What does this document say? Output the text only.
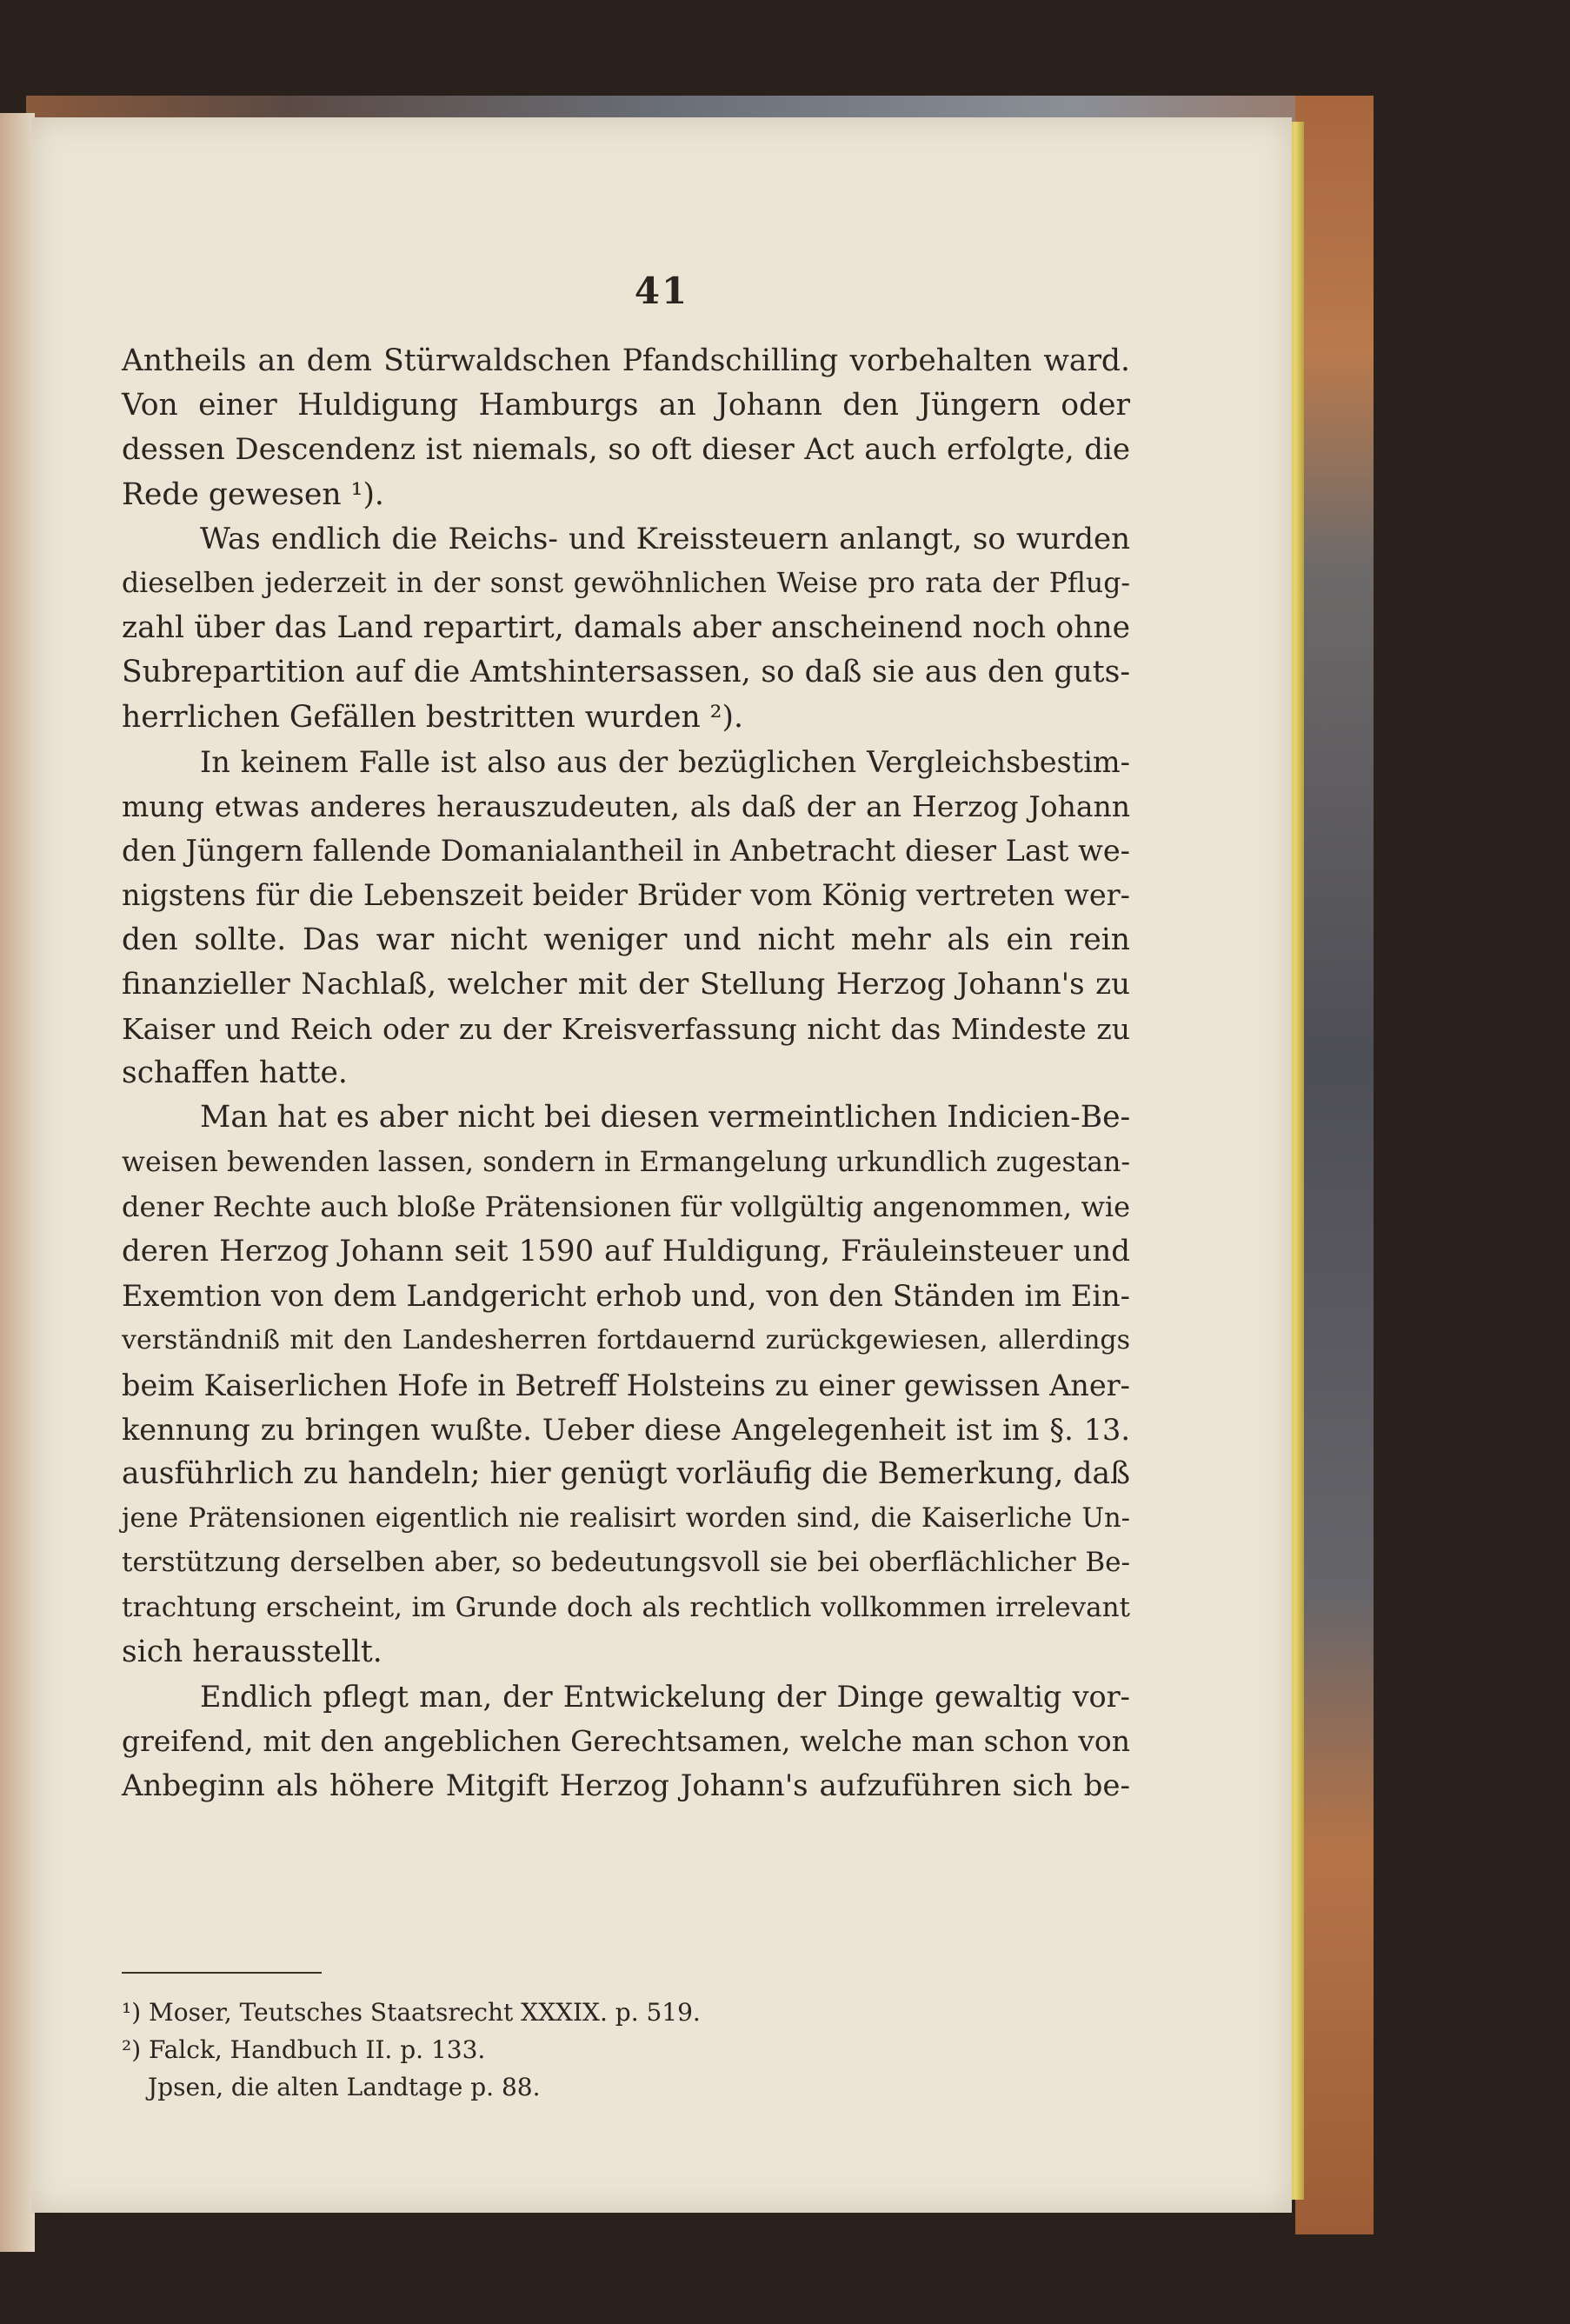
41
Antheils an dem Stürwaldschen Pfandschilling vorbehalten ward.
Von einer Huldigung Hamburgs an Johann den Jüngern oder
dessen Descendenz ist niemals, so oft dieser Act auch erfolgte, die
Rede gewesen ¹).
Was endlich die Reichs- und Kreissteuern anlangt, so wurden
dieselben jederzeit in der sonst gewöhnlichen Weise pro rata der Pflug-
zahl über das Land repartirt, damals aber anscheinend noch ohne
Subrepartition auf die Amtshintersassen, so daß sie aus den guts-
herrlichen Gefällen bestritten wurden ²).
In keinem Falle ist also aus der bezüglichen Vergleichsbestim-
mung etwas anderes herauszudeuten, als daß der an Herzog Johann
den Jüngern fallende Domanialantheil in Anbetracht dieser Last we-
nigstens für die Lebenszeit beider Brüder vom König vertreten wer-
den sollte. Das war nicht weniger und nicht mehr als ein rein
finanzieller Nachlaß, welcher mit der Stellung Herzog Johann's zu
Kaiser und Reich oder zu der Kreisverfassung nicht das Mindeste zu
schaffen hatte.
Man hat es aber nicht bei diesen vermeintlichen Indicien-Be-
weisen bewenden lassen, sondern in Ermangelung urkundlich zugestan-
dener Rechte auch bloße Prätensionen für vollgültig angenommen, wie
deren Herzog Johann seit 1590 auf Huldigung, Fräuleinsteuer und
Exemtion von dem Landgericht erhob und, von den Ständen im Ein-
verständniß mit den Landesherren fortdauernd zurückgewiesen, allerdings
beim Kaiserlichen Hofe in Betreff Holsteins zu einer gewissen Aner-
kennung zu bringen wußte. Ueber diese Angelegenheit ist im §. 13.
ausführlich zu handeln; hier genügt vorläufig die Bemerkung, daß
jene Prätensionen eigentlich nie realisirt worden sind, die Kaiserliche Un-
terstützung derselben aber, so bedeutungsvoll sie bei oberflächlicher Be-
trachtung erscheint, im Grunde doch als rechtlich vollkommen irrelevant
sich herausstellt.
Endlich pflegt man, der Entwickelung der Dinge gewaltig vor-
greifend, mit den angeblichen Gerechtsamen, welche man schon von
Anbeginn als höhere Mitgift Herzog Johann's aufzuführen sich be-
¹) Moser, Teutsches Staatsrecht XXXIX. p. 519.
²) Falck, Handbuch II. p. 133.
Jpsen, die alten Landtage p. 88.
